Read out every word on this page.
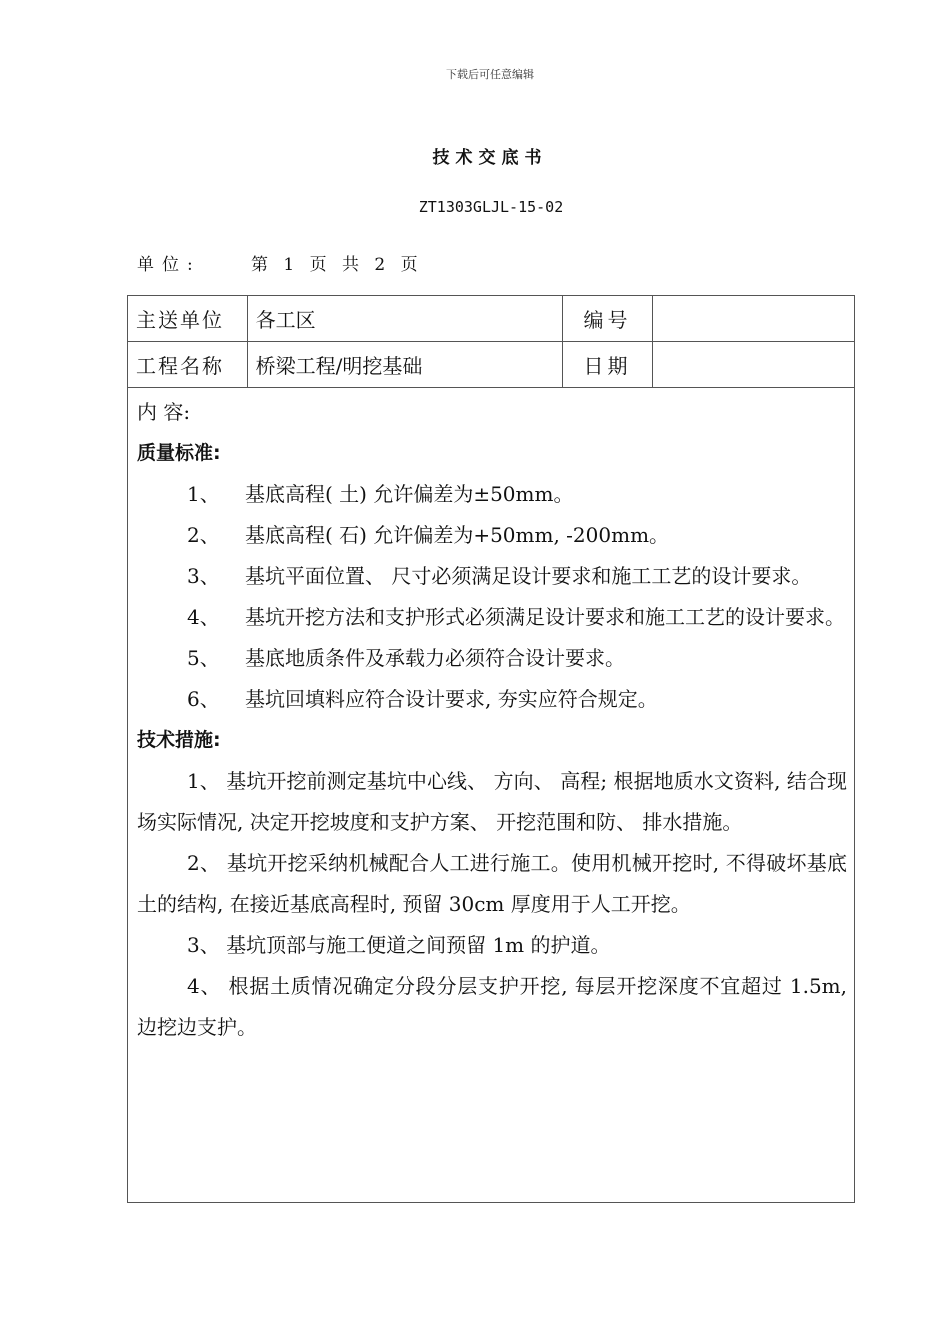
下载后可任意编辑
技术交底书
ZT1303GLJL-15-02
单位:	第 1 页 共 2 页
主送单位	各工区	编号	
工程名称	桥梁工程/明挖基础	日期	
内 容:
质量标准:
1、	基底高程( 土) 允许偏差为±50mm。
2、	基底高程( 石) 允许偏差为+50mm, -200mm。
3、	基坑平面位置、 尺寸必须满足设计要求和施工工艺的设计要求。
4、	基坑开挖方法和支护形式必须满足设计要求和施工工艺的设计要求。
5、	基底地质条件及承载力必须符合设计要求。
6、	基坑回填料应符合设计要求, 夯实应符合规定。
技术措施:

1、 基坑开挖前测定基坑中心线、 方向、 高程; 根据地质水文资料, 结合现场实际情况, 决定开挖坡度和支护方案、 开挖范围和防、 排水措施。

2、 基坑开挖采纳机械配合人工进行施工。使用机械开挖时, 不得破坏基底土的结构, 在接近基底高程时, 预留 30cm 厚度用于人工开挖。

3、 基坑顶部与施工便道之间预留 1m 的护道。

4、 根据土质情况确定分段分层支护开挖, 每层开挖深度不宜超过 1.5m, 边挖边支护。
